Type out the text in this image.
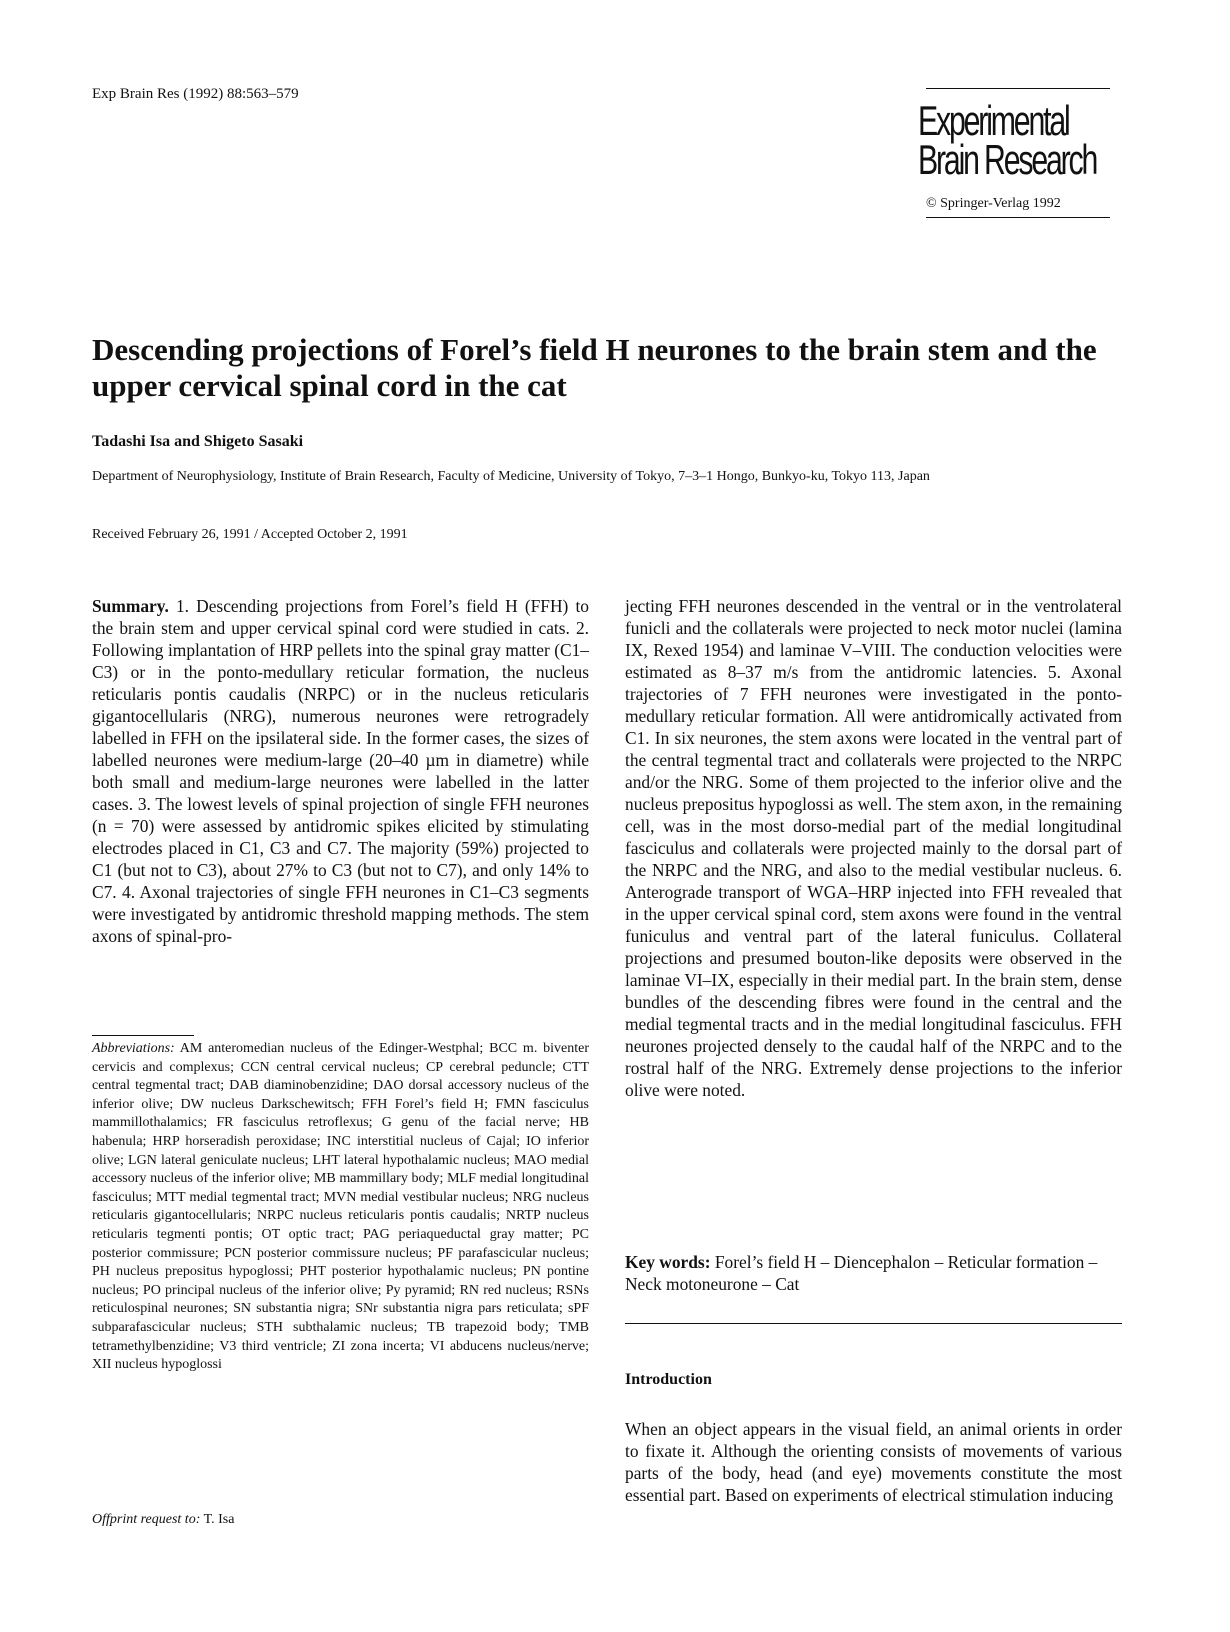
Exp Brain Res (1992) 88:563–579
Experimental
Brain Research
© Springer-Verlag 1992
Descending projections of Forel’s field H neurones to the brain stem and the upper cervical spinal cord in the cat
Tadashi Isa and Shigeto Sasaki
Department of Neurophysiology, Institute of Brain Research, Faculty of Medicine, University of Tokyo, 7–3–1 Hongo, Bunkyo-ku, Tokyo 113, Japan
Received February 26, 1991 / Accepted October 2, 1991

Summary. 1. Descending projections from Forel’s field H (FFH) to the brain stem and upper cervical spinal cord were studied in cats. 2. Following implantation of HRP pellets into the spinal gray matter (C1–C3) or in the ponto-medullary reticular formation, the nucleus reticularis pontis caudalis (NRPC) or in the nucleus reticularis gigantocellularis (NRG), numerous neurones were retrogradely labelled in FFH on the ipsilateral side. In the former cases, the sizes of labelled neurones were medium-large (20–40 µm in diametre) while both small and medium-large neurones were labelled in the latter cases. 3. The lowest levels of spinal projection of single FFH neurones (n = 70) were assessed by antidromic spikes elicited by stimulating electrodes placed in C1, C3 and C7. The majority (59%) projected to C1 (but not to C3), about 27% to C3 (but not to C7), and only 14% to C7. 4. Axonal trajectories of single FFH neurones in C1–C3 segments were investigated by antidromic threshold mapping methods. The stem axons of spinal-pro-

Abbreviations: AM anteromedian nucleus of the Edinger-Westphal; BCC m. biventer cervicis and complexus; CCN central cervical nucleus; CP cerebral peduncle; CTT central tegmental tract; DAB diaminobenzidine; DAO dorsal accessory nucleus of the inferior olive; DW nucleus Darkschewitsch; FFH Forel’s field H; FMN fasciculus mammillothalamics; FR fasciculus retroflexus; G genu of the facial nerve; HB habenula; HRP horseradish peroxidase; INC interstitial nucleus of Cajal; IO inferior olive; LGN lateral geniculate nucleus; LHT lateral hypothalamic nucleus; MAO medial accessory nucleus of the inferior olive; MB mammillary body; MLF medial longitudinal fasciculus; MTT medial tegmental tract; MVN medial vestibular nucleus; NRG nucleus reticularis gigantocellularis; NRPC nucleus reticularis pontis caudalis; NRTP nucleus reticularis tegmenti pontis; OT optic tract; PAG periaqueductal gray matter; PC posterior commissure; PCN posterior commissure nucleus; PF parafascicular nucleus; PH nucleus prepositus hypoglossi; PHT posterior hypothalamic nucleus; PN pontine nucleus; PO principal nucleus of the inferior olive; Py pyramid; RN red nucleus; RSNs reticulospinal neurones; SN substantia nigra; SNr substantia nigra pars reticulata; sPF subparafascicular nucleus; STH subthalamic nucleus; TB trapezoid body; TMB tetramethylbenzidine; V3 third ventricle; ZI zona incerta; VI abducens nucleus/nerve; XII nucleus hypoglossi

Offprint request to: T. Isa

jecting FFH neurones descended in the ventral or in the ventrolateral funicli and the collaterals were projected to neck motor nuclei (lamina IX, Rexed 1954) and laminae V–VIII. The conduction velocities were estimated as 8–37 m/s from the antidromic latencies. 5. Axonal trajectories of 7 FFH neurones were investigated in the ponto-medullary reticular formation. All were antidromically activated from C1. In six neurones, the stem axons were located in the ventral part of the central tegmental tract and collaterals were projected to the NRPC and/or the NRG. Some of them projected to the inferior olive and the nucleus prepositus hypoglossi as well. The stem axon, in the remaining cell, was in the most dorso-medial part of the medial longitudinal fasciculus and collaterals were projected mainly to the dorsal part of the NRPC and the NRG, and also to the medial vestibular nucleus. 6. Anterograde transport of WGA–HRP injected into FFH revealed that in the upper cervical spinal cord, stem axons were found in the ventral funiculus and ventral part of the lateral funiculus. Collateral projections and presumed bouton-like deposits were observed in the laminae VI–IX, especially in their medial part. In the brain stem, dense bundles of the descending fibres were found in the central and the medial tegmental tracts and in the medial longitudinal fasciculus. FFH neurones projected densely to the caudal half of the NRPC and to the rostral half of the NRG. Extremely dense projections to the inferior olive were noted.

Key words: Forel’s field H – Diencephalon – Reticular formation – Neck motoneurone – Cat

Introduction

When an object appears in the visual field, an animal orients in order to fixate it. Although the orienting consists of movements of various parts of the body, head (and eye) movements constitute the most essential part. Based on experiments of electrical stimulation inducing
